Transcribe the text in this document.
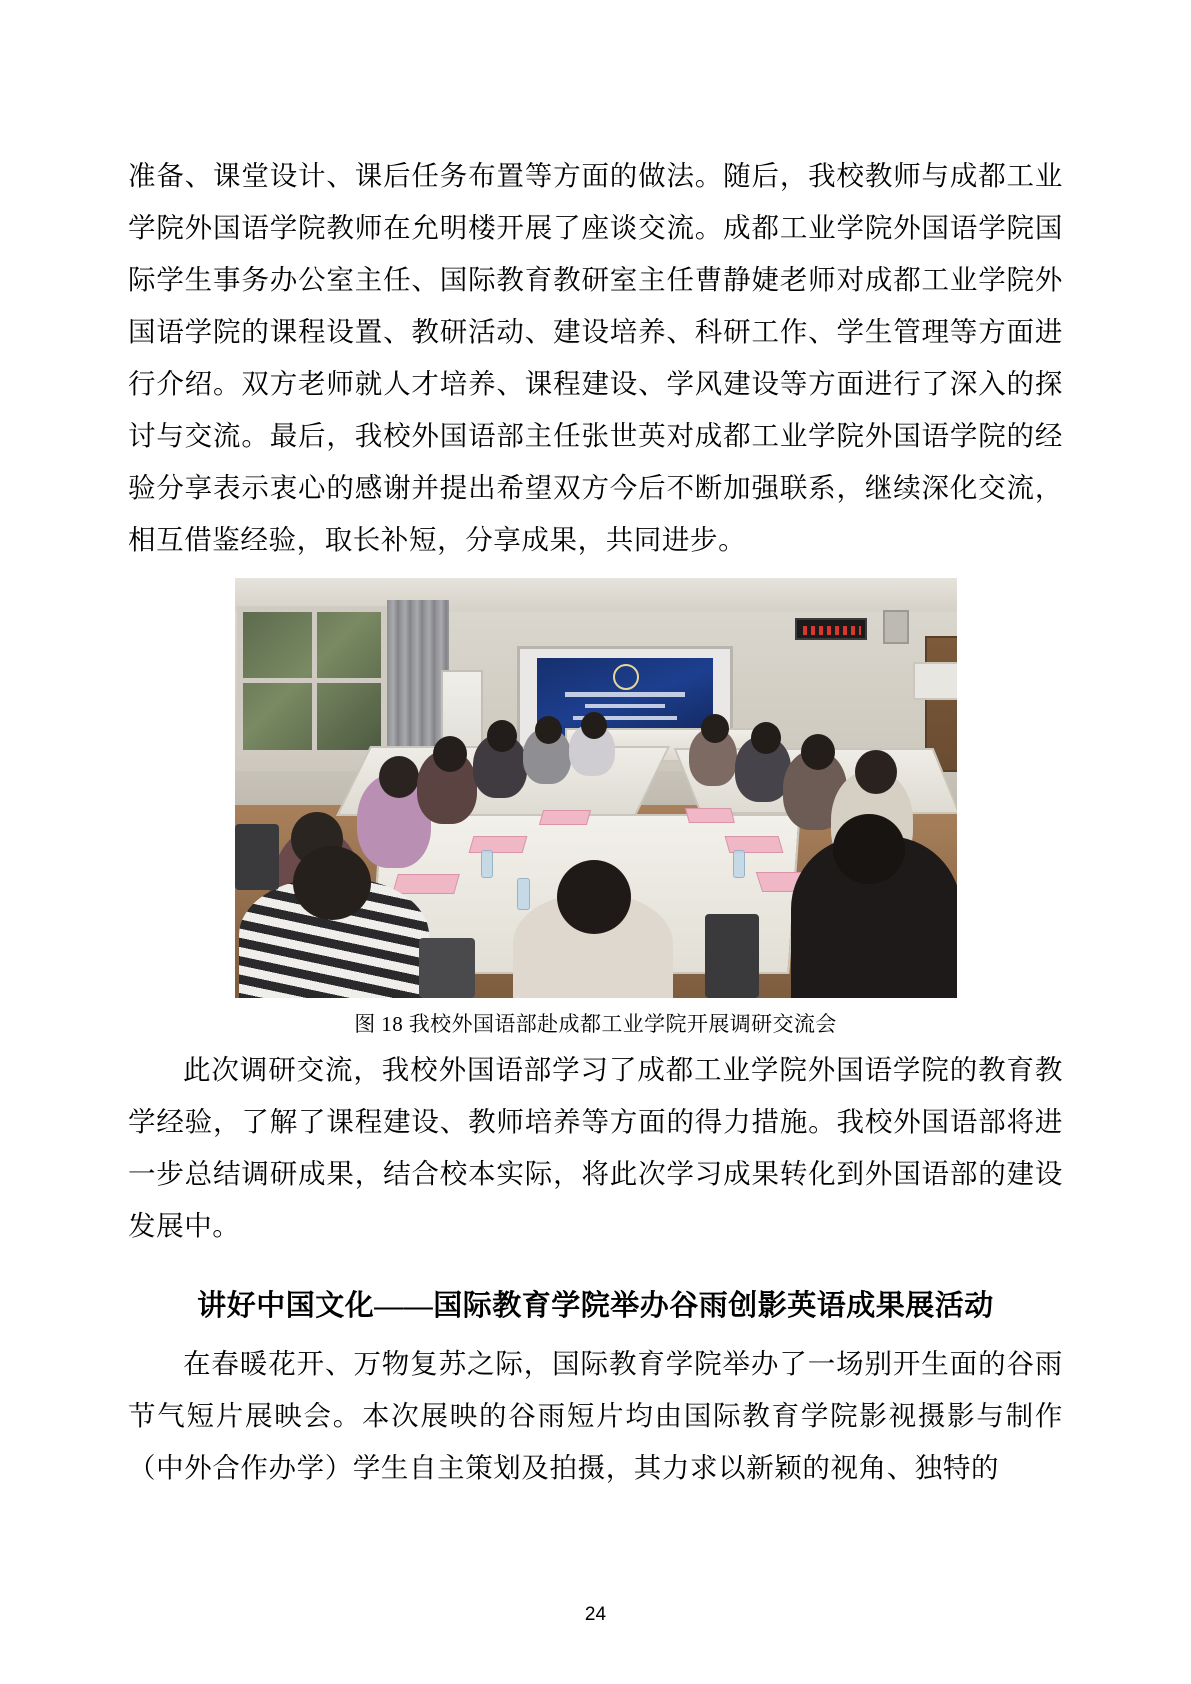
准备、课堂设计、课后任务布置等方面的做法。随后，我校教师与成都工业学院外国语学院教师在允明楼开展了座谈交流。成都工业学院外国语学院国际学生事务办公室主任、国际教育教研室主任曹静婕老师对成都工业学院外国语学院的课程设置、教研活动、建设培养、科研工作、学生管理等方面进行介绍。双方老师就人才培养、课程建设、学风建设等方面进行了深入的探讨与交流。最后，我校外国语部主任张世英对成都工业学院外国语学院的经验分享表示衷心的感谢并提出希望双方今后不断加强联系，继续深化交流，相互借鉴经验，取长补短，分享成果，共同进步。

图 18 我校外国语部赴成都工业学院开展调研交流会

此次调研交流，我校外国语部学习了成都工业学院外国语学院的教育教学经验，了解了课程建设、教师培养等方面的得力措施。我校外国语部将进一步总结调研成果，结合校本实际，将此次学习成果转化到外国语部的建设发展中。

讲好中国文化——国际教育学院举办谷雨创影英语成果展活动

在春暖花开、万物复苏之际，国际教育学院举办了一场别开生面的谷雨节气短片展映会。本次展映的谷雨短片均由国际教育学院影视摄影与制作（中外合作办学）学生自主策划及拍摄，其力求以新颖的视角、独特的

24
